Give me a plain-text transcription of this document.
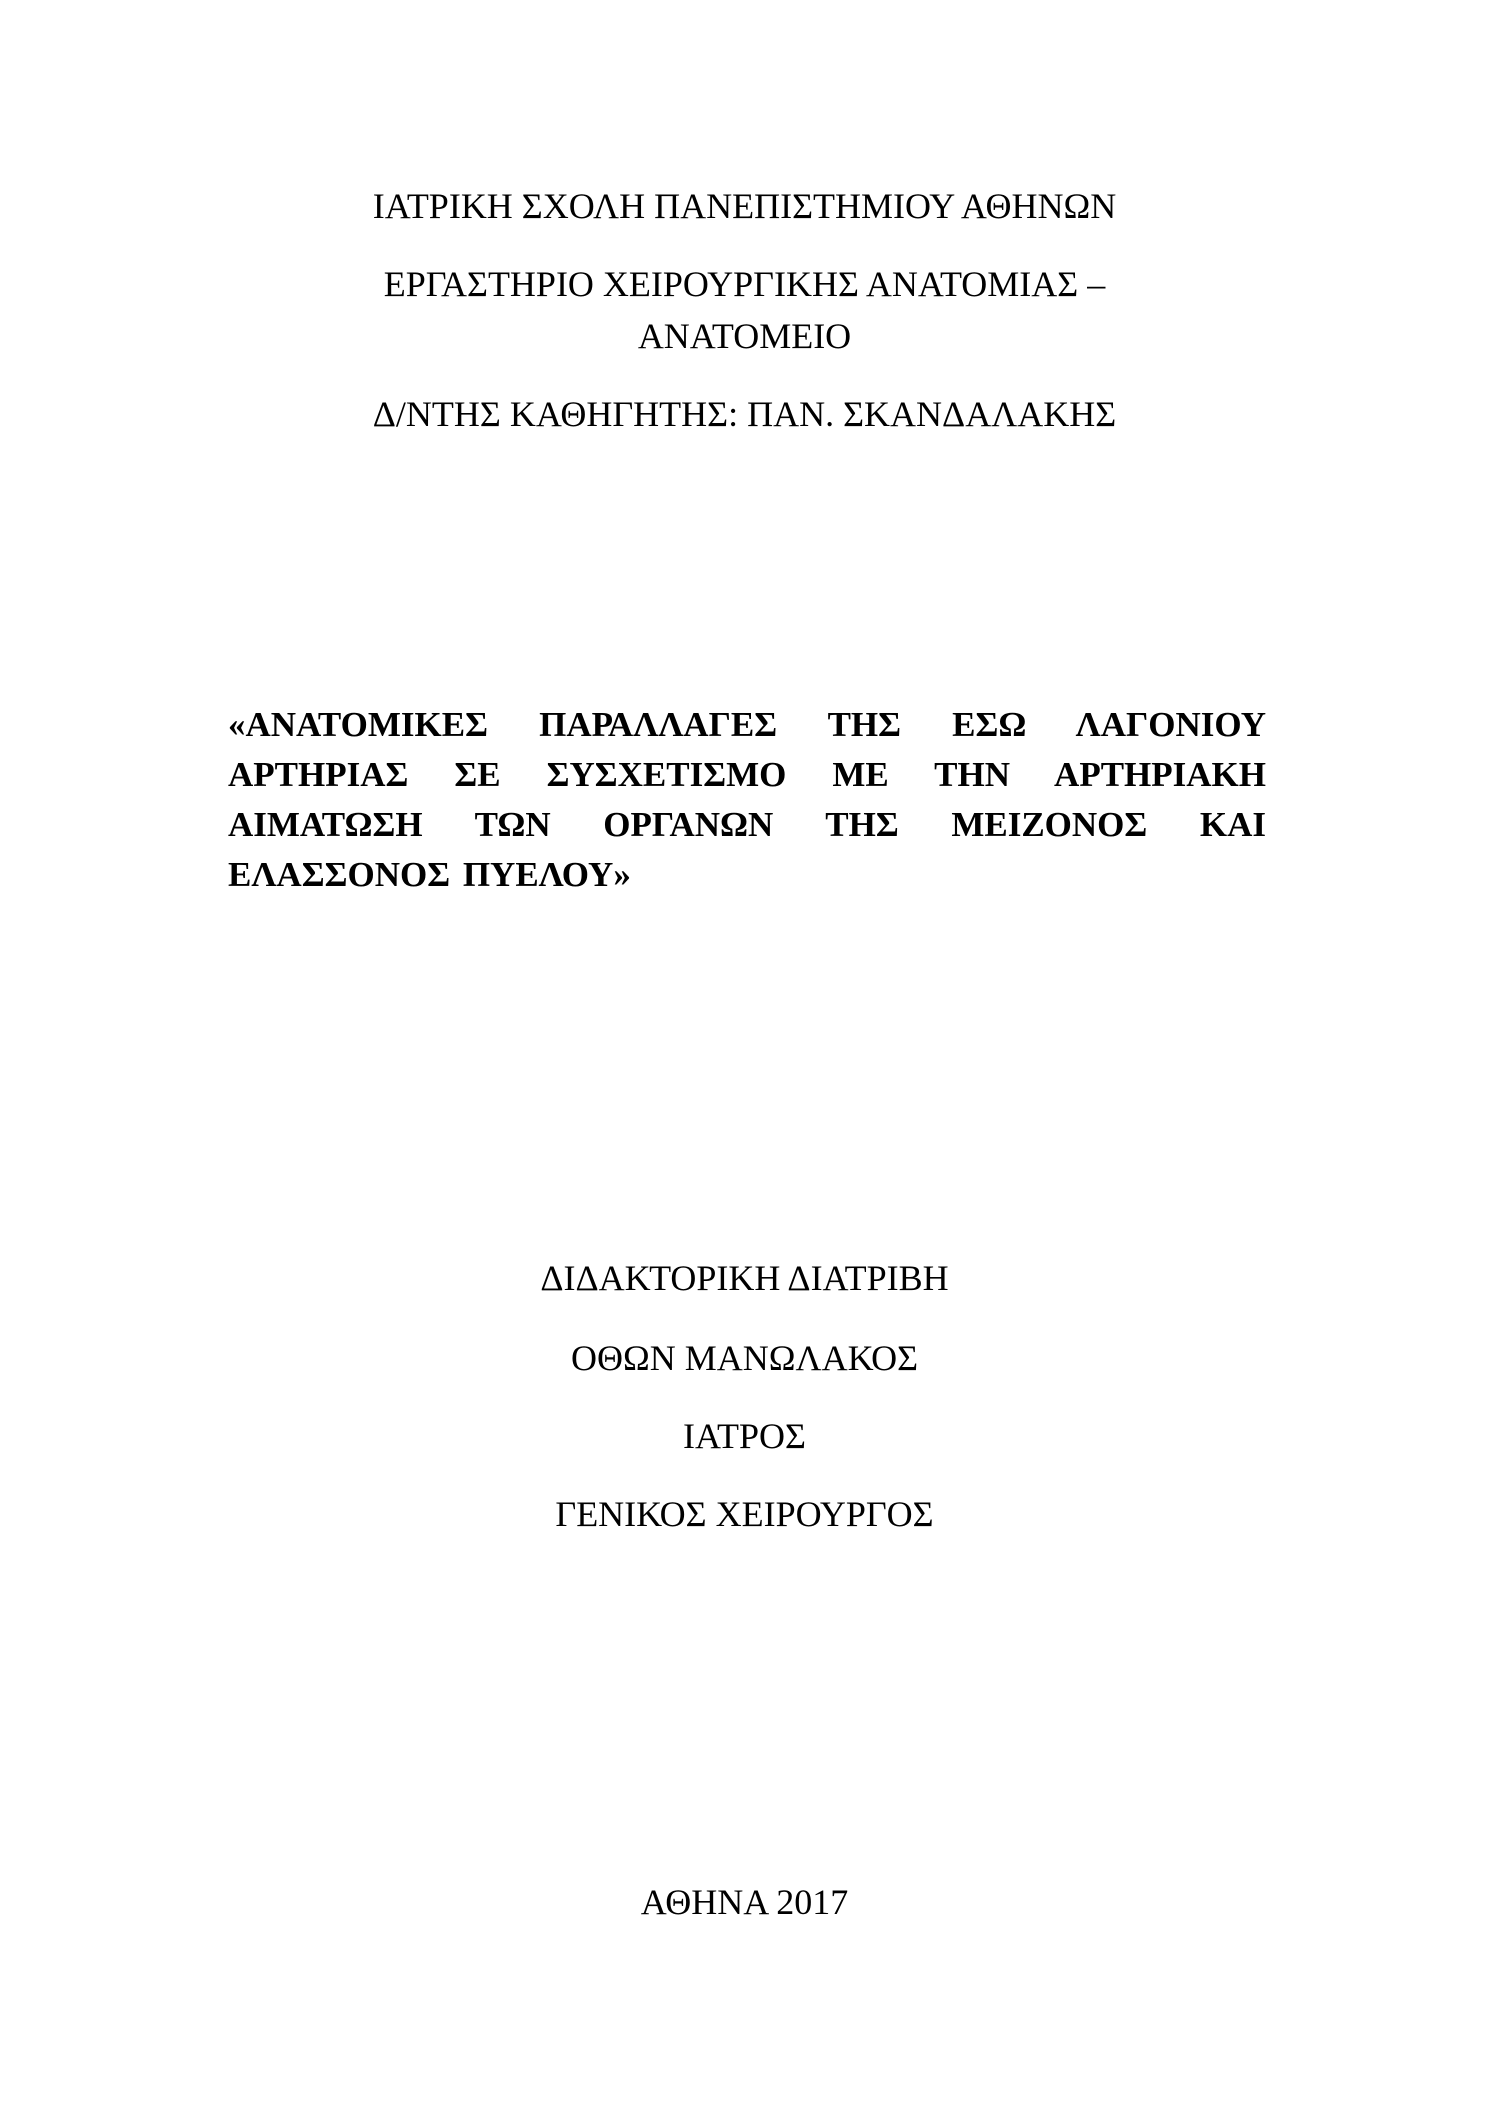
ΙΑΤΡΙΚΗ ΣΧΟΛΗ ΠΑΝΕΠΙΣΤΗΜΙΟΥ ΑΘΗΝΩΝ
ΕΡΓΑΣΤΗΡΙΟ ΧΕΙΡΟΥΡΓΙΚΗΣ ΑΝΑΤΟΜΙΑΣ –
ΑΝΑΤΟΜΕΙΟ
Δ/ΝΤΗΣ ΚΑΘΗΓΗΤΗΣ: ΠΑΝ. ΣΚΑΝΔΑΛΑΚΗΣ
«ΑΝΑΤΟΜΙΚΕΣ ΠΑΡΑΛΛΑΓΕΣ ΤΗΣ ΕΣΩ ΛΑΓΟΝΙΟΥ ΑΡΤΗΡΙΑΣ ΣΕ ΣΥΣΧΕΤΙΣΜΟ ΜΕ ΤΗΝ ΑΡΤΗΡΙΑΚΗ ΑΙΜΑΤΩΣΗ ΤΩΝ ΟΡΓΑΝΩΝ ΤΗΣ ΜΕΙΖΟΝΟΣ ΚΑΙ ΕΛΑΣΣΟΝΟΣ ΠΥΕΛΟΥ»
ΔΙΔΑΚΤΟΡΙΚΗ ΔΙΑΤΡΙΒΗ
ΟΘΩΝ ΜΑΝΩΛΑΚΟΣ
ΙΑΤΡΟΣ
ΓΕΝΙΚΟΣ ΧΕΙΡΟΥΡΓΟΣ
ΑΘΗΝΑ 2017
